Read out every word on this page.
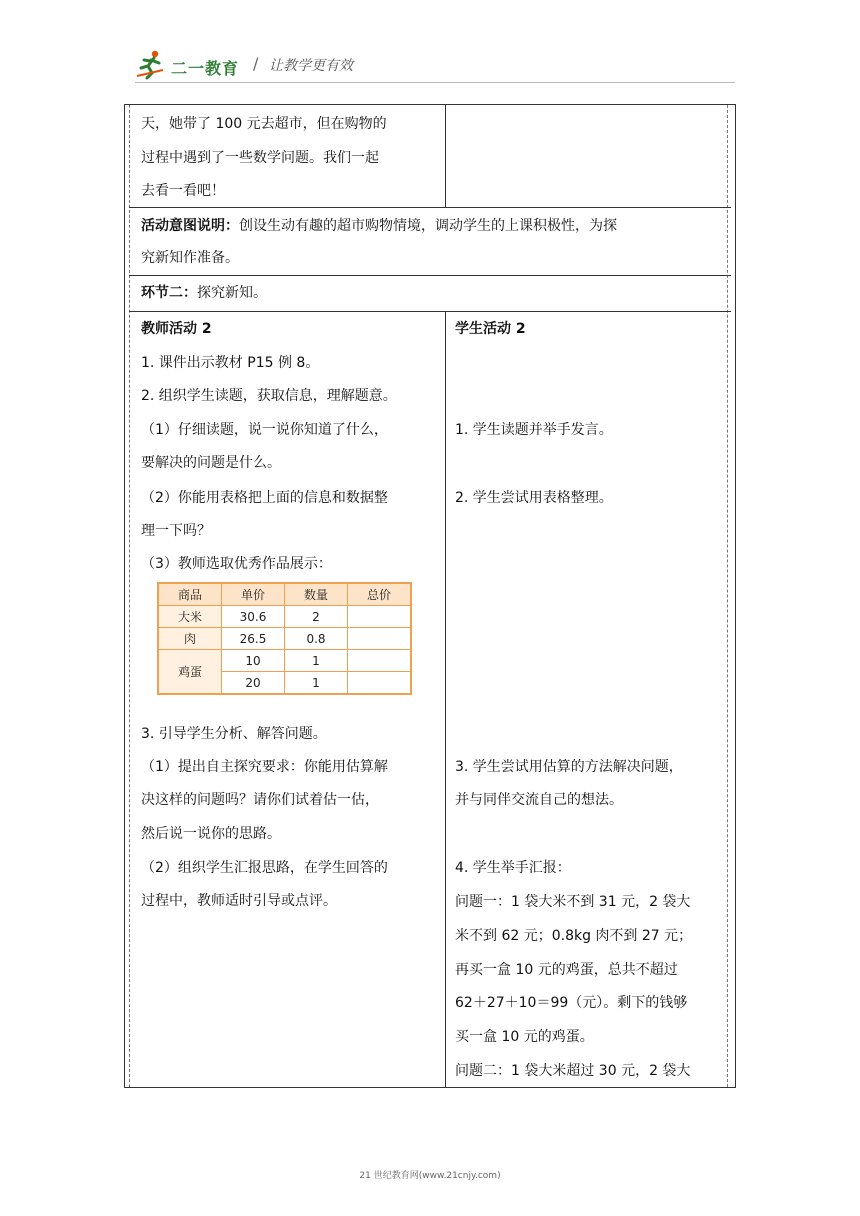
二一教育 / 让教学更有效
天，她带了 100 元去超市，但在购物的
过程中遇到了一些数学问题。我们一起
去看一看吧！
活动意图说明：创设生动有趣的超市购物情境，调动学生的上课积极性，为探
究新知作准备。
环节二：探究新知。
教师活动 2
1. 课件出示教材 P15 例 8。
2. 组织学生读题，获取信息，理解题意。
（1）仔细读题，说一说你知道了什么，
要解决的问题是什么。
（2）你能用表格把上面的信息和数据整
理一下吗？
（3）教师选取优秀作品展示：
商品	单价	数量	总价
大米	30.6	2	
肉	26.5	0.8	
鸡蛋	10	1	
	20	1	
3. 引导学生分析、解答问题。
（1）提出自主探究要求：你能用估算解
决这样的问题吗？请你们试着估一估，
然后说一说你的思路。
（2）组织学生汇报思路，在学生回答的
过程中，教师适时引导或点评。
学生活动 2
1. 学生读题并举手发言。
2. 学生尝试用表格整理。
3. 学生尝试用估算的方法解决问题，
并与同伴交流自己的想法。
4. 学生举手汇报：
问题一：1 袋大米不到 31 元，2 袋大
米不到 62 元；0.8kg 肉不到 27 元；
再买一盒 10 元的鸡蛋，总共不超过
62＋27＋10＝99（元）。剩下的钱够
买一盒 10 元的鸡蛋。
问题二：1 袋大米超过 30 元，2 袋大
21 世纪教育网(www.21cnjy.com)
